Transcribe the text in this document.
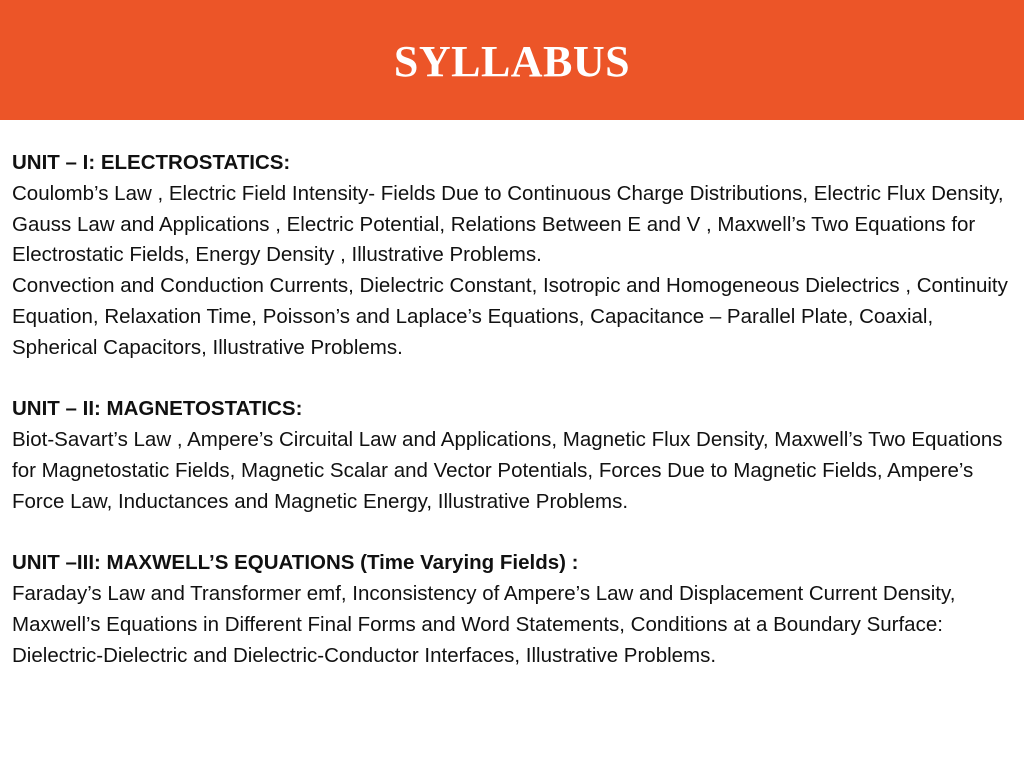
SYLLABUS

UNIT – I: ELECTROSTATICS:

Coulomb’s Law , Electric Field Intensity- Fields Due to Continuous Charge Distributions, Electric Flux Density, Gauss Law and Applications , Electric Potential, Relations Between E and V , Maxwell’s Two Equations for Electrostatic Fields, Energy Density , Illustrative Problems.

Convection and Conduction Currents, Dielectric Constant, Isotropic and Homogeneous Dielectrics , Continuity Equation, Relaxation Time, Poisson’s and Laplace’s Equations, Capacitance – Parallel Plate, Coaxial, Spherical Capacitors, Illustrative Problems.

UNIT – II: MAGNETOSTATICS:

Biot-Savart’s Law , Ampere’s Circuital Law and Applications, Magnetic Flux Density, Maxwell’s Two Equations for Magnetostatic Fields, Magnetic Scalar and Vector Potentials, Forces Due to Magnetic Fields, Ampere’s Force Law, Inductances and Magnetic Energy, Illustrative Problems.

UNIT –III: MAXWELL’S EQUATIONS (Time Varying Fields) :

Faraday’s Law and Transformer emf, Inconsistency of Ampere’s Law and Displacement Current Density, Maxwell’s Equations in Different Final Forms and Word Statements, Conditions at a Boundary Surface: Dielectric-Dielectric and Dielectric-Conductor Interfaces, Illustrative Problems.
